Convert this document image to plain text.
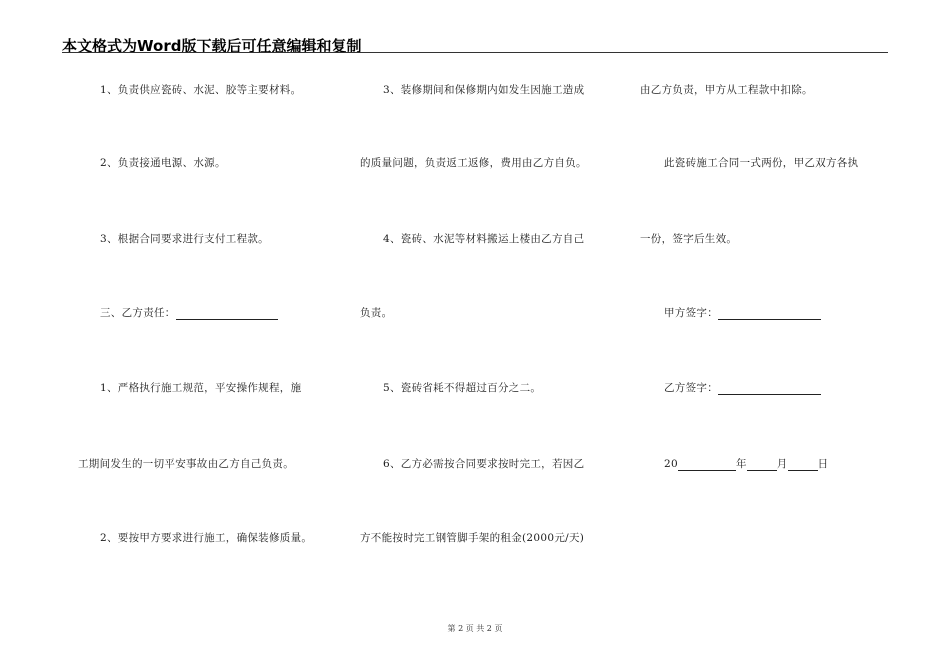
本文格式为Word版下载后可任意编辑和复制
1、负责供应瓷砖、水泥、胶等主要材料。
2、负责接通电源、水源。
3、根据合同要求进行支付工程款。
三、乙方责任：
1、严格执行施工规范，平安操作规程，施
工期间发生的一切平安事故由乙方自己负责。
2、要按甲方要求进行施工，确保装修质量。
3、装修期间和保修期内如发生因施工造成
的质量问题，负责返工返修，费用由乙方自负。
4、瓷砖、水泥等材料搬运上楼由乙方自己
负责。
5、瓷砖省耗不得超过百分之二。
6、乙方必需按合同要求按时完工，若因乙
方不能按时完工钢管脚手架的租金(2000元/天)
由乙方负责，甲方从工程款中扣除。
此瓷砖施工合同一式两份，甲乙双方各执
一份，签字后生效。
甲方签字：
乙方签字：
20	年	月	日
第 2 页 共 2 页
